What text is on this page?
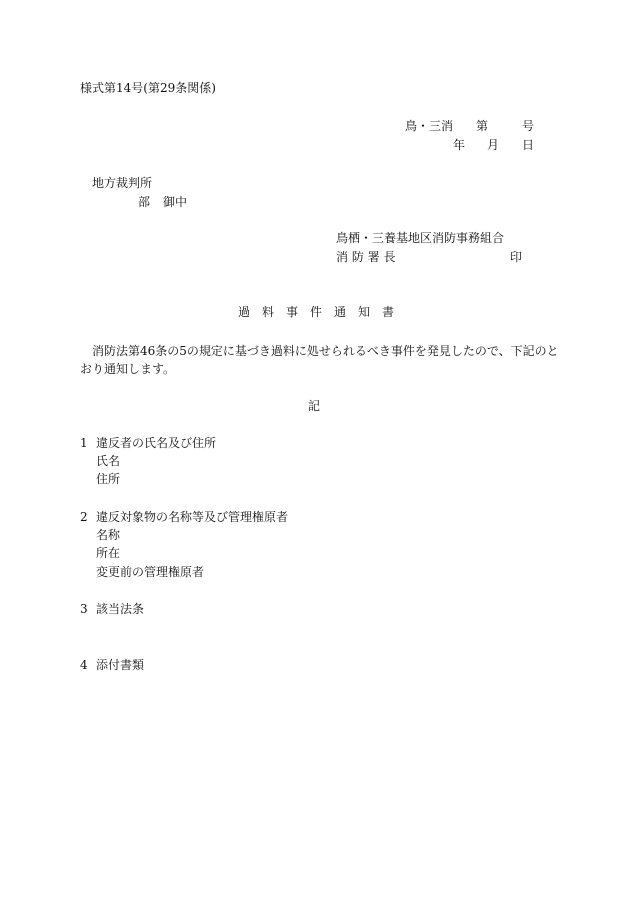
様式第14号(第29条関係)
鳥・三消 第	号
年 月 日
地方裁判所
部 御中
鳥栖・三養基地区消防事務組合
消 防 署 長	印
過　料　事　件　通　知　書
消防法第46条の5の規定に基づき過料に処せられるべき事件を発見したので、下記のと
おり通知します。
記
1 違反者の氏名及び住所
氏名
住所
2 違反対象物の名称等及び管理権原者
名称
所在
変更前の管理権原者
3 該当法条
4 添付書類
